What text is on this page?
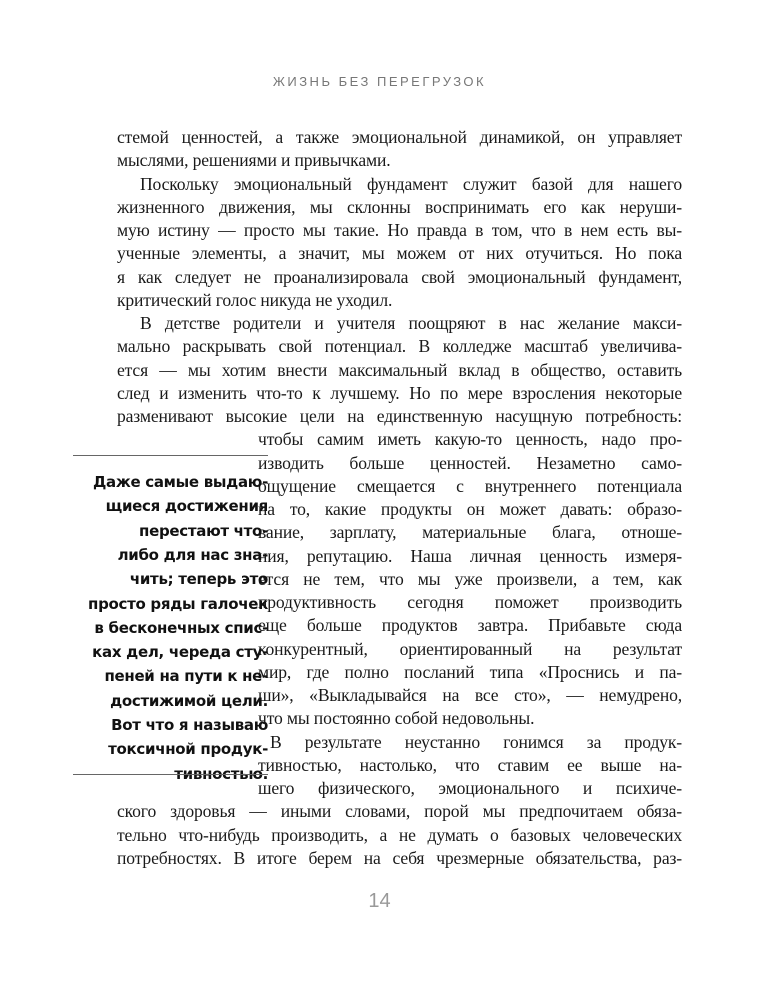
ЖИЗНЬ БЕЗ ПЕРЕГРУЗОК
стемой ценностей, а также эмоциональной динамикой, он управляет
мыслями, решениями и привычками.
Поскольку эмоциональный фундамент служит базой для нашего
жизненного движения, мы склонны воспринимать его как неруши-
мую истину — просто мы такие. Но правда в том, что в нем есть вы-
ученные элементы, а значит, мы можем от них отучиться. Но пока
я как следует не проанализировала свой эмоциональный фундамент,
критический голос никуда не уходил.
В детстве родители и учителя поощряют в нас желание макси-
мально раскрывать свой потенциал. В колледже масштаб увеличива-
ется — мы хотим внести максимальный вклад в общество, оставить
след и изменить что-то к лучшему. Но по мере взросления некоторые
разменивают высокие цели на единственную насущную потребность:
чтобы самим иметь какую-то ценность, надо про-
изводить больше ценностей. Незаметно само-
ощущение смещается с внутреннего потенциала
на то, какие продукты он может давать: образо-
вание, зарплату, материальные блага, отноше-
ния, репутацию. Наша личная ценность измеря-
ется не тем, что мы уже произвели, а тем, как
продуктивность сегодня поможет производить
еще больше продуктов завтра. Прибавьте сюда
конкурентный, ориентированный на результат
мир, где полно посланий типа «Проснись и па-
ши», «Выкладывайся на все сто», — немудрено,
что мы постоянно собой недовольны.
В результате неустанно гонимся за продук-
тивностью, настолько, что ставим ее выше на-
шего физического, эмоционального и психиче-
ского здоровья — иными словами, порой мы предпочитаем обяза-
тельно что-нибудь производить, а не думать о базовых человеческих
потребностях. В итоге берем на себя чрезмерные обязательства, раз-
Даже самые выдаю-
щиеся достижения
перестают что-
либо для нас зна-
чить; теперь это
просто ряды галочек
в бесконечных спис-
ках дел, череда сту-
пеней на пути к не-
достижимой цели.
Вот что я называю
токсичной продук-
тивностью.
14
